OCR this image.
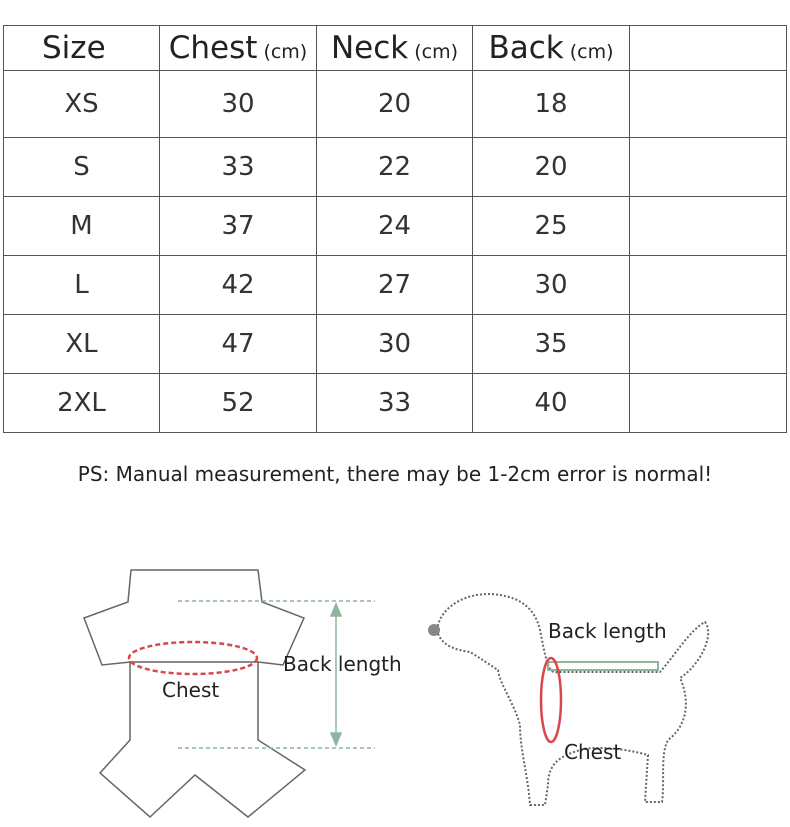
Size	Chest (cm)	Neck (cm)	Back (cm)	
XS	30	20	18	
S	33	22	20	
M	37	24	25	
L	42	27	30	
XL	47	30	35	
2XL	52	33	40	
PS: Manual measurement, there may be 1-2cm error is normal!
Back length
Chest
Back length
Chest
